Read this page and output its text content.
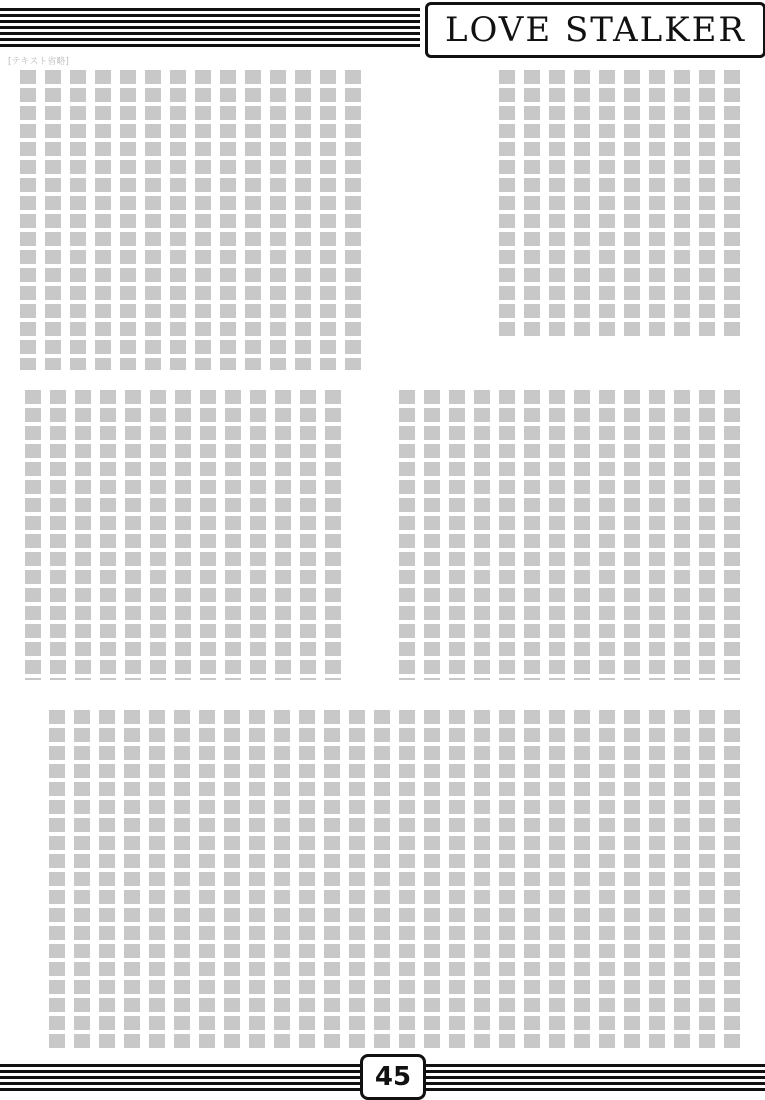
LOVE STALKER
45
[テキスト省略]
